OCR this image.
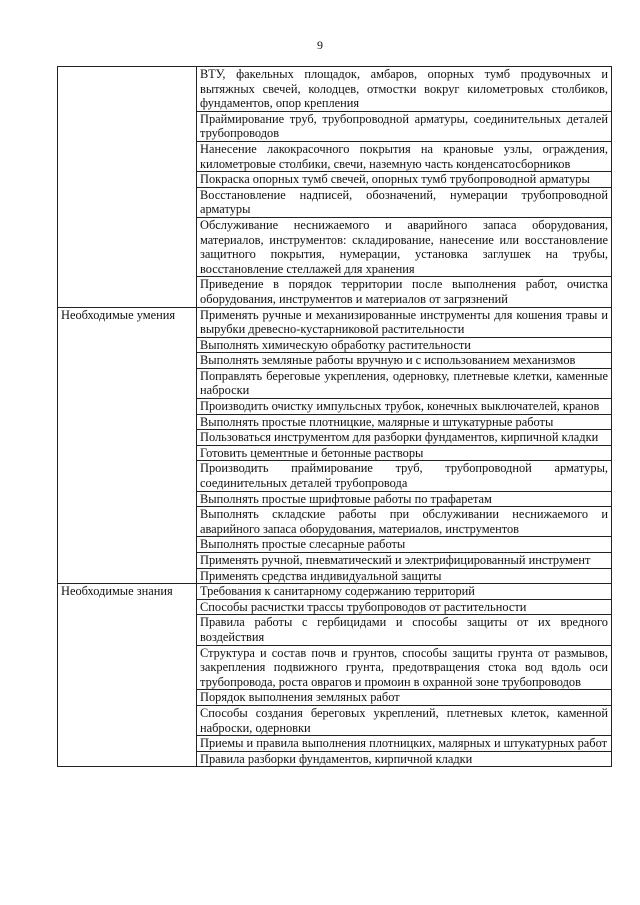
9
	ВТУ, факельных площадок, амбаров, опорных тумб продувочных и вытяжных свечей, колодцев, отмостки вокруг километровых столбиков, фундаментов, опор крепления
	Праймирование труб, трубопроводной арматуры, соединительных деталей трубопроводов
	Нанесение лакокрасочного покрытия на крановые узлы, ограждения, километровые столбики, свечи, наземную часть конденсатосборников
	Покраска опорных тумб свечей, опорных тумб трубопроводной арматуры
	Восстановление надписей, обозначений, нумерации трубопроводной арматуры
	Обслуживание неснижаемого и аварийного запаса оборудования, материалов, инструментов: складирование, нанесение или восстановление защитного покрытия, нумерации, установка заглушек на трубы, восстановление стеллажей для хранения
	Приведение в порядок территории после выполнения работ, очистка оборудования, инструментов и материалов от загрязнений
Необходимые умения	Применять ручные и механизированные инструменты для кошения травы и вырубки древесно-кустарниковой растительности
	Выполнять химическую обработку растительности
	Выполнять земляные работы вручную и с использованием механизмов
	Поправлять береговые укрепления, одерновку, плетневые клетки, каменные наброски
	Производить очистку импульсных трубок, конечных выключателей, кранов
	Выполнять простые плотницкие, малярные и штукатурные работы
	Пользоваться инструментом для разборки фундаментов, кирпичной кладки
	Готовить цементные и бетонные растворы
	Производить праймирование труб, трубопроводной арматуры, соединительных деталей трубопровода
	Выполнять простые шрифтовые работы по трафаретам
	Выполнять складские работы при обслуживании неснижаемого и аварийного запаса оборудования, материалов, инструментов
	Выполнять простые слесарные работы
	Применять ручной, пневматический и электрифицированный инструмент
	Применять средства индивидуальной защиты
Необходимые знания	Требования к санитарному содержанию территорий
	Способы расчистки трассы трубопроводов от растительности
	Правила работы с гербицидами и способы защиты от их вредного воздействия
	Структура и состав почв и грунтов, способы защиты грунта от размывов, закрепления подвижного грунта, предотвращения стока вод вдоль оси трубопровода, роста оврагов и промоин в охранной зоне трубопроводов
	Порядок выполнения земляных работ
	Способы создания береговых укреплений, плетневых клеток, каменной наброски, одерновки
	Приемы и правила выполнения плотницких, малярных и штукатурных работ
	Правила разборки фундаментов, кирпичной кладки
